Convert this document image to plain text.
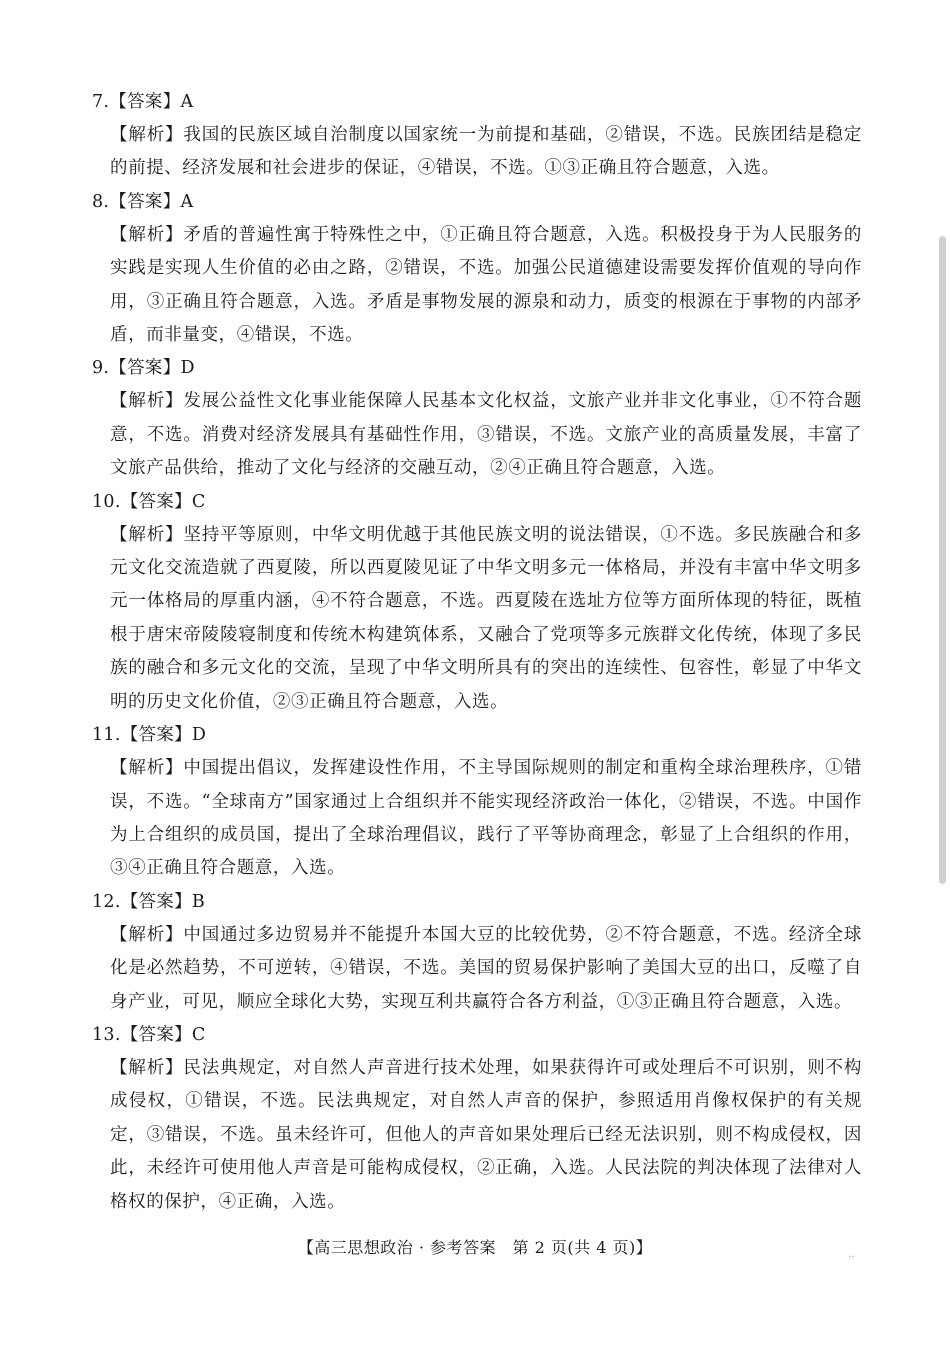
7.【答案】A
【解析】我国的民族区域自治制度以国家统一为前提和基础，②错误，不选。民族团结是稳定的前提、经济发展和社会进步的保证，④错误，不选。①③正确且符合题意，入选。
8.【答案】A
【解析】矛盾的普遍性寓于特殊性之中，①正确且符合题意，入选。积极投身于为人民服务的实践是实现人生价值的必由之路，②错误，不选。加强公民道德建设需要发挥价值观的导向作用，③正确且符合题意，入选。矛盾是事物发展的源泉和动力，质变的根源在于事物的内部矛盾，而非量变，④错误，不选。
9.【答案】D
【解析】发展公益性文化事业能保障人民基本文化权益，文旅产业并非文化事业，①不符合题意，不选。消费对经济发展具有基础性作用，③错误，不选。文旅产业的高质量发展，丰富了文旅产品供给，推动了文化与经济的交融互动，②④正确且符合题意，入选。
10.【答案】C
【解析】坚持平等原则，中华文明优越于其他民族文明的说法错误，①不选。多民族融合和多元文化交流造就了西夏陵，所以西夏陵见证了中华文明多元一体格局，并没有丰富中华文明多元一体格局的厚重内涵，④不符合题意，不选。西夏陵在选址方位等方面所体现的特征，既植根于唐宋帝陵陵寝制度和传统木构建筑体系，又融合了党项等多元族群文化传统，体现了多民族的融合和多元文化的交流，呈现了中华文明所具有的突出的连续性、包容性，彰显了中华文明的历史文化价值，②③正确且符合题意，入选。
11.【答案】D
【解析】中国提出倡议，发挥建设性作用，不主导国际规则的制定和重构全球治理秩序，①错误，不选。“全球南方”国家通过上合组织并不能实现经济政治一体化，②错误，不选。中国作为上合组织的成员国，提出了全球治理倡议，践行了平等协商理念，彰显了上合组织的作用，③④正确且符合题意，入选。
12.【答案】B
【解析】中国通过多边贸易并不能提升本国大豆的比较优势，②不符合题意，不选。经济全球化是必然趋势，不可逆转，④错误，不选。美国的贸易保护影响了美国大豆的出口，反噬了自身产业，可见，顺应全球化大势，实现互利共赢符合各方利益，①③正确且符合题意，入选。
13.【答案】C
【解析】民法典规定，对自然人声音进行技术处理，如果获得许可或处理后不可识别，则不构成侵权，①错误，不选。民法典规定，对自然人声音的保护，参照适用肖像权保护的有关规定，③错误，不选。虽未经许可，但他人的声音如果处理后已经无法识别，则不构成侵权，因此，未经许可使用他人声音是可能构成侵权，②正确，入选。人民法院的判决体现了法律对人格权的保护，④正确，入选。
【高三思想政治 · 参考答案　第 2 页(共 4 页)】	‥
